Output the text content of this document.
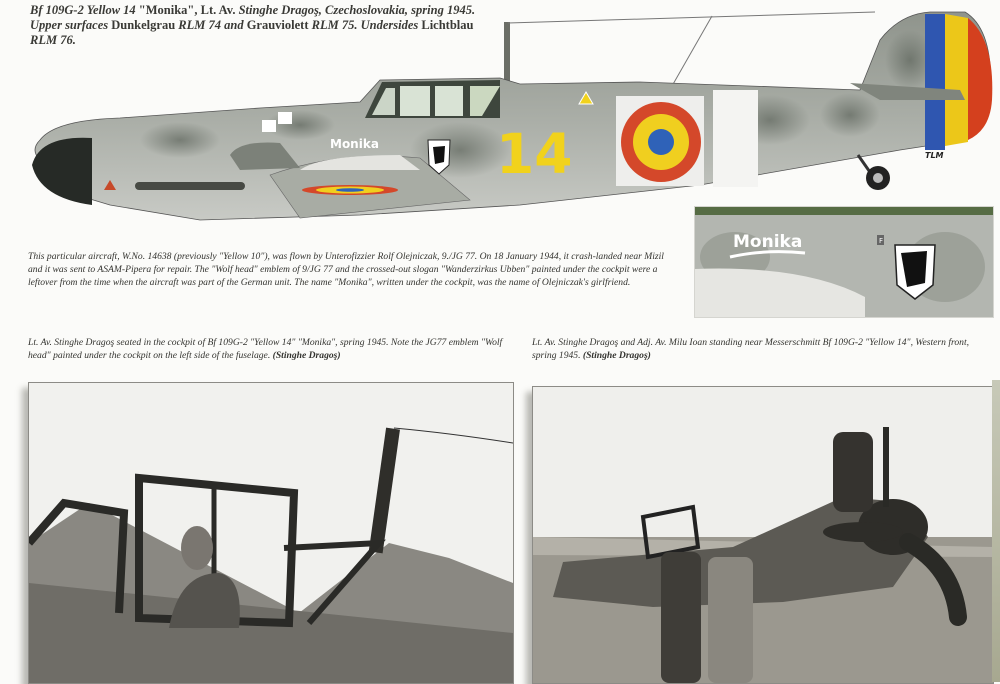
Bf 109G-2 Yellow 14 "Monika", Lt. Av. Stinghe Dragoş, Czechoslovakia, spring 1945. Upper surfaces Dunkelgrau RLM 74 and Grauviolett RLM 75. Undersides Lichtblau RLM 76.
Monika 14	TLM
F
Monika
This particular aircraft, W.No. 14638 (previously "Yellow 10"), was flown by Unterofizzier Rolf Olejniczak, 9./JG 77. On 18 January 1944, it crash-landed near Mizil and it was sent to ASAM-Pipera for repair. The "Wolf head" emblem of 9/JG 77 and the crossed-out slogan "Wanderzirkus Ubben" painted under the cockpit were a leftover from the time when the aircraft was part of the German unit. The name "Monika", written under the cockpit, was the name of Olejniczak's girlfriend.
Lt. Av. Stinghe Dragoş seated in the cockpit of Bf 109G-2 "Yellow 14" "Monika", spring 1945. Note the JG77 emblem "Wolf head" painted under the cockpit on the left side of the fuselage. (Stinghe Dragoş)
Lt. Av. Stinghe Dragoş and Adj. Av. Milu Ioan standing near Messerschmitt Bf 109G-2 "Yellow 14", Western front, spring 1945. (Stinghe Dragoş)
